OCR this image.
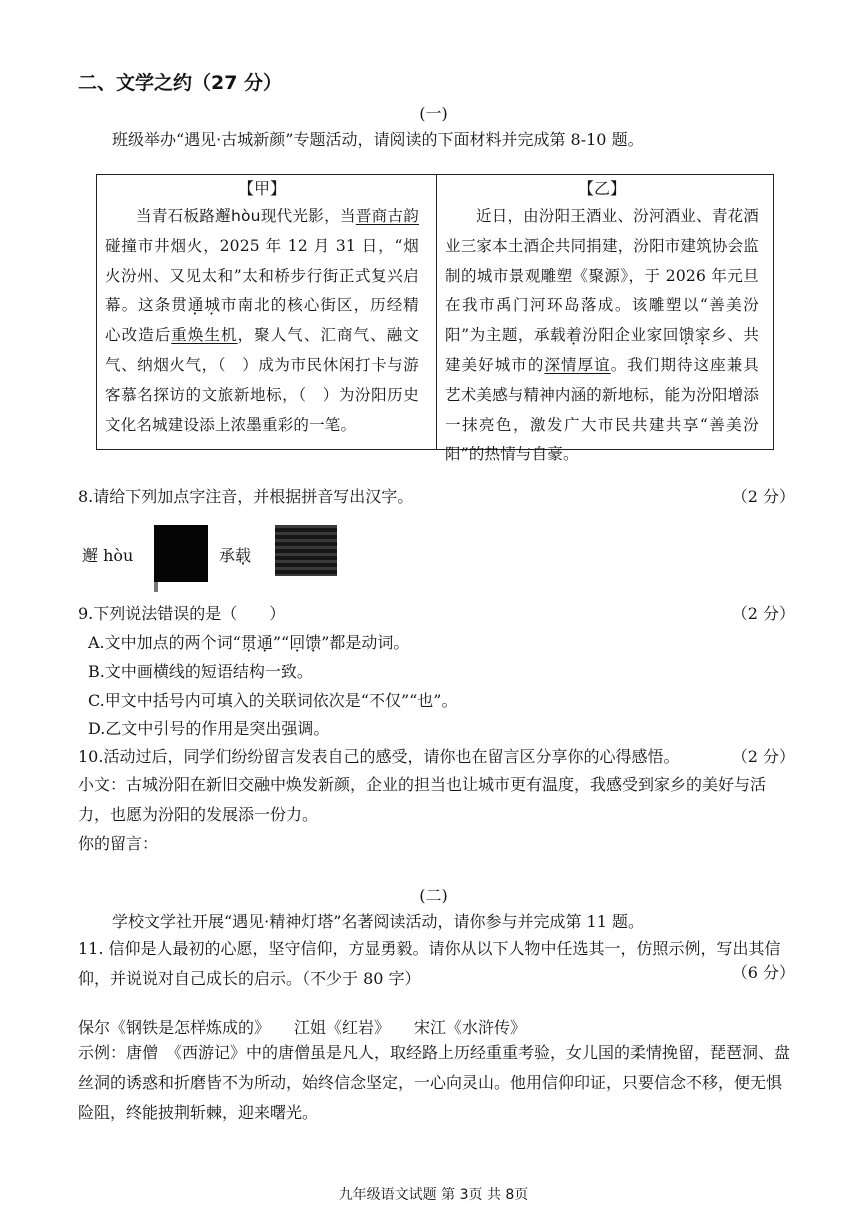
二、文学之约（27 分）
(一)
班级举办“遇见·古城新颜”专题活动，请阅读的下面材料并完成第 8-10 题。
【甲】

当青石板路邂hòu现代光影，当晋商古韵碰撞市井烟火，2025 年 12 月 31 日，“烟火汾州、又见太和”太和桥步行街正式复兴启幕。这条贯通城市南北的核心街区，历经精心改造后重焕生机，聚人气、汇商气、融文气、纳烟火气，（　）成为市民休闲打卡与游客慕名探访的文旅新地标，（　）为汾阳历史文化名城建设添上浓墨重彩的一笔。

【乙】

近日，由汾阳王酒业、汾河酒业、青花酒业三家本土酒企共同捐建，汾阳市建筑协会监制的城市景观雕塑《聚源》，于 2026 年元旦在我市禹门河环岛落成。该雕塑以“善美汾阳”为主题，承载着汾阳企业家回馈家乡、共建美好城市的深情厚谊。我们期待这座兼具艺术美感与精神内涵的新地标，能为汾阳增添一抹亮色，激发广大市民共建共享“善美汾阳”的热情与自豪。

8.请给下列加点字注音，并根据拼音写出汉字。	（2 分）
邂 hòu	承载
9.下列说法错误的是（　　）	（2 分）
A.文中加点的两个词“贯通”“回馈”都是动词。
B.文中画横线的短语结构一致。
C.甲文中括号内可填入的关联词依次是“不仅”“也”。
D.乙文中引号的作用是突出强调。
10.活动过后，同学们纷纷留言发表自己的感受，请你也在留言区分享你的心得感悟。	（2 分）
小文：古城汾阳在新旧交融中焕发新颜，企业的担当也让城市更有温度，我感受到家乡的美好与活力，也愿为汾阳的发展添一份力。
你的留言：
(二)
学校文学社开展“遇见·精神灯塔”名著阅读活动，请你参与并完成第 11 题。
11. 信仰是人最初的心愿，坚守信仰，方显勇毅。请你从以下人物中任选其一，仿照示例，写出其信仰，并说说对自己成长的启示。（不少于 80 字）	（6 分）
保尔《钢铁是怎样炼成的》　　江姐《红岩》　　宋江《水浒传》
示例：唐僧　《西游记》中的唐僧虽是凡人，取经路上历经重重考验，女儿国的柔情挽留，琵琶洞、盘丝洞的诱惑和折磨皆不为所动，始终信念坚定，一心向灵山。他用信仰印证，只要信念不移，便无惧险阻，终能披荆斩棘，迎来曙光。
九年级语文试题 第 3页 共 8页
